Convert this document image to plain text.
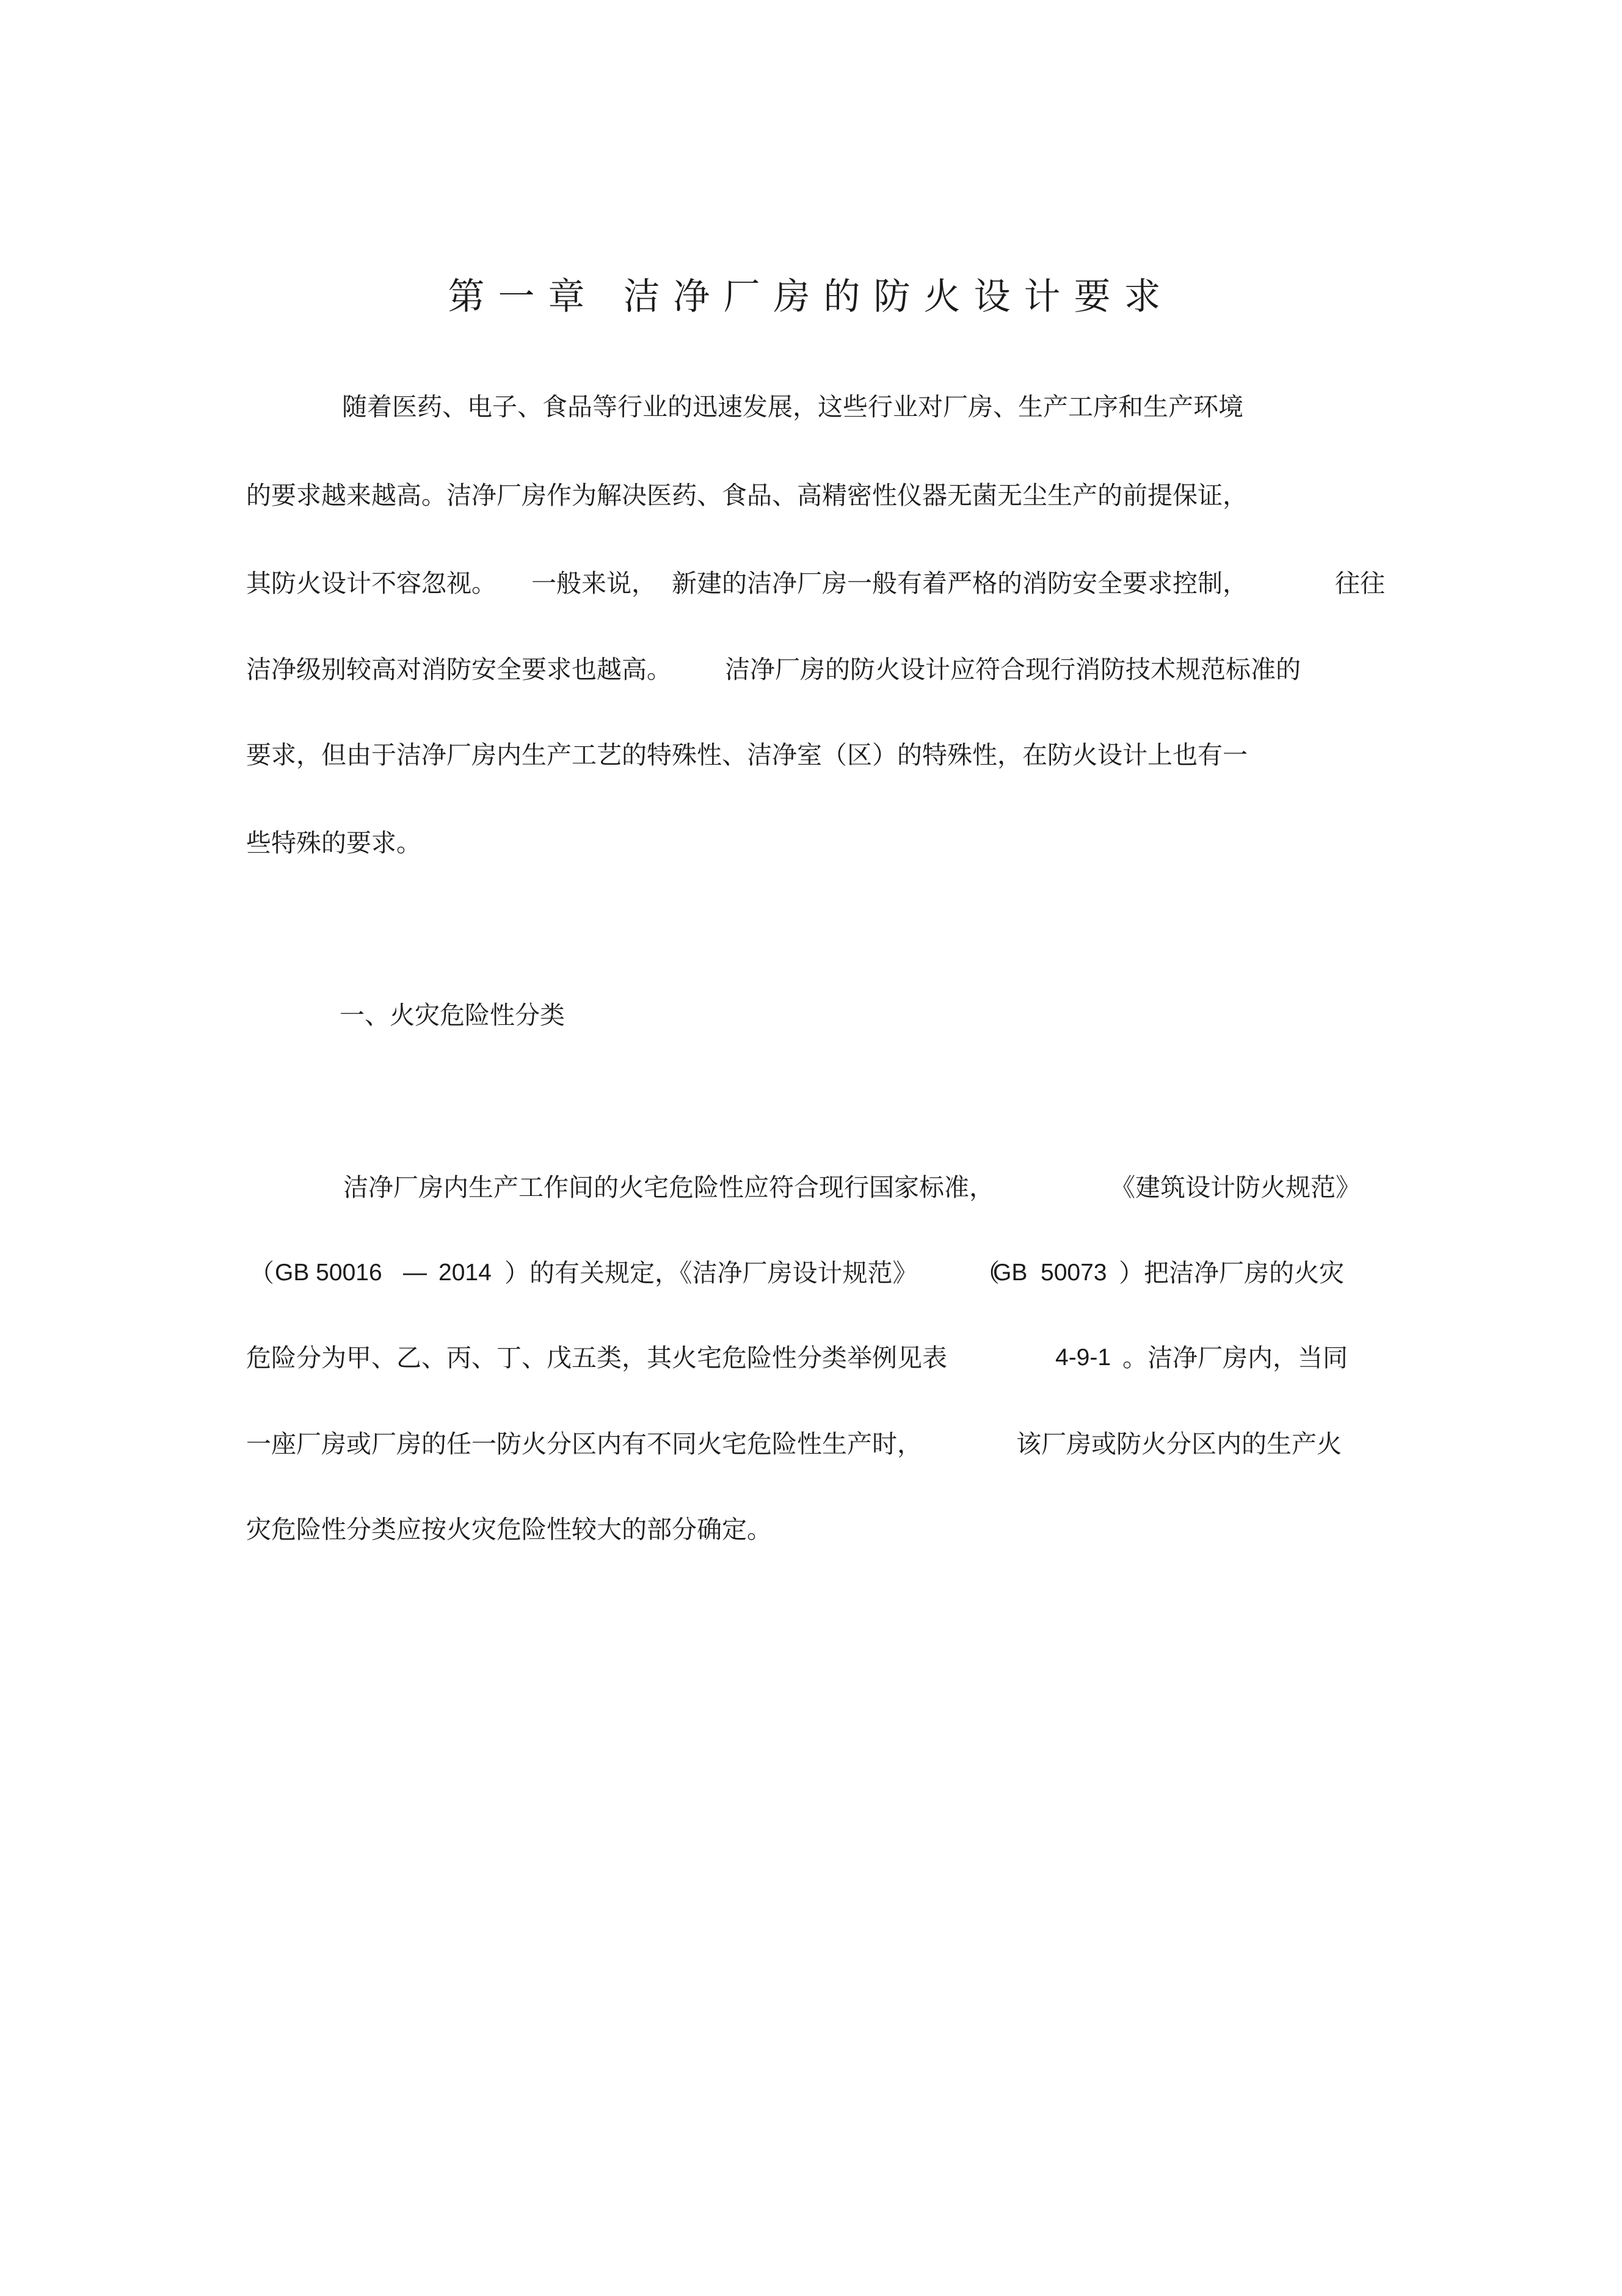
第一章 洁净厂房的防火设计要求
随着医药、电子、食品等行业的迅速发展，这些行业对厂房、生产工序和生产环境
的要求越来越高。洁净厂房作为解决医药、食品、高精密性仪器无菌无尘生产的前提保证，
其防火设计不容忽视。 一般来说， 新建的洁净厂房一般有着严格的消防安全要求控制，	往往
洁净级别较高对消防安全要求也越高。 洁净厂房的防火设计应符合现行消防技术规范标准的
要求，但由于洁净厂房内生产工艺的特殊性、洁净室（区）的特殊性，在防火设计上也有一
些特殊的要求。
一、火灾危险性分类
洁净厂房内生产工作间的火宅危险性应符合现行国家标准，	《建筑设计防火规范》
（ GB 50016 — 2014 ）的有关规定，《洁净厂房设计规范》 （
GB  50073 ）把洁净厂房的火灾
危险分为甲、乙、丙、丁、戊五类，其火宅危险性分类举例见表	4-9-1 。洁净厂房内，当同
一座厂房或厂房的任一防火分区内有不同火宅危险性生产时，	该厂房或防火分区内的生产火
灾危险性分类应按火灾危险性较大的部分确定。
